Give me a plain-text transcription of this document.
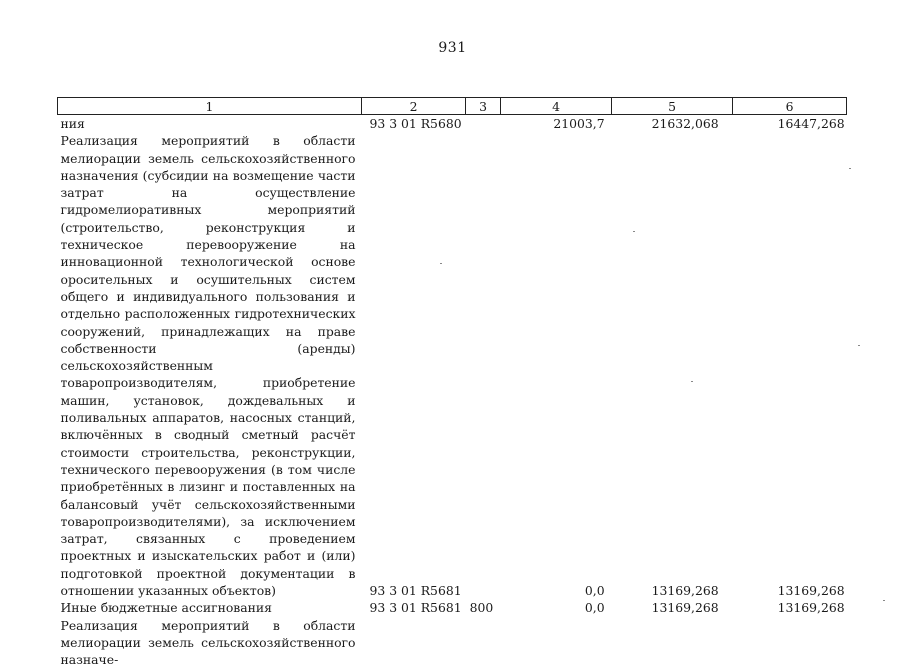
931
1	2	3	4	5	6
ния	93 3 01 R5680		21003,7	21632,068	16447,268
Реализация мероприятий в области мелиорации земель сельскохозяйственного назначения (субсидии на возмещение части затрат на осуществление гидромелиоративных мероприятий (строительство, реконструкция и техническое перевооружение на инновационной технологической основе оросительных и осушительных систем общего и индивидуального пользования и отдельно расположенных гидротехнических сооружений, принадлежащих на праве собственности (аренды) сельскохозяйственным товаропроизводителям, приобретение машин, установок, дождевальных и поливальных аппаратов, насосных станций, включённых в сводный сметный расчёт стоимости строительства, реконструкции, технического перевооружения (в том числе приобретённых в лизинг и поставленных на балансовый учёт сельскохозяйственными товаропроизводителями), за исключением затрат, связанных с проведением проектных и изыскательских работ и (или) подготовкой проектной документации в отношении указанных объектов)	93 3 01 R5681		0,0	13169,268	13169,268
Иные бюджетные ассигнования	93 3 01 R5681	800	0,0	13169,268	13169,268
Реализация мероприятий в области мелиорации земель сельскохозяйственного назначе-					
